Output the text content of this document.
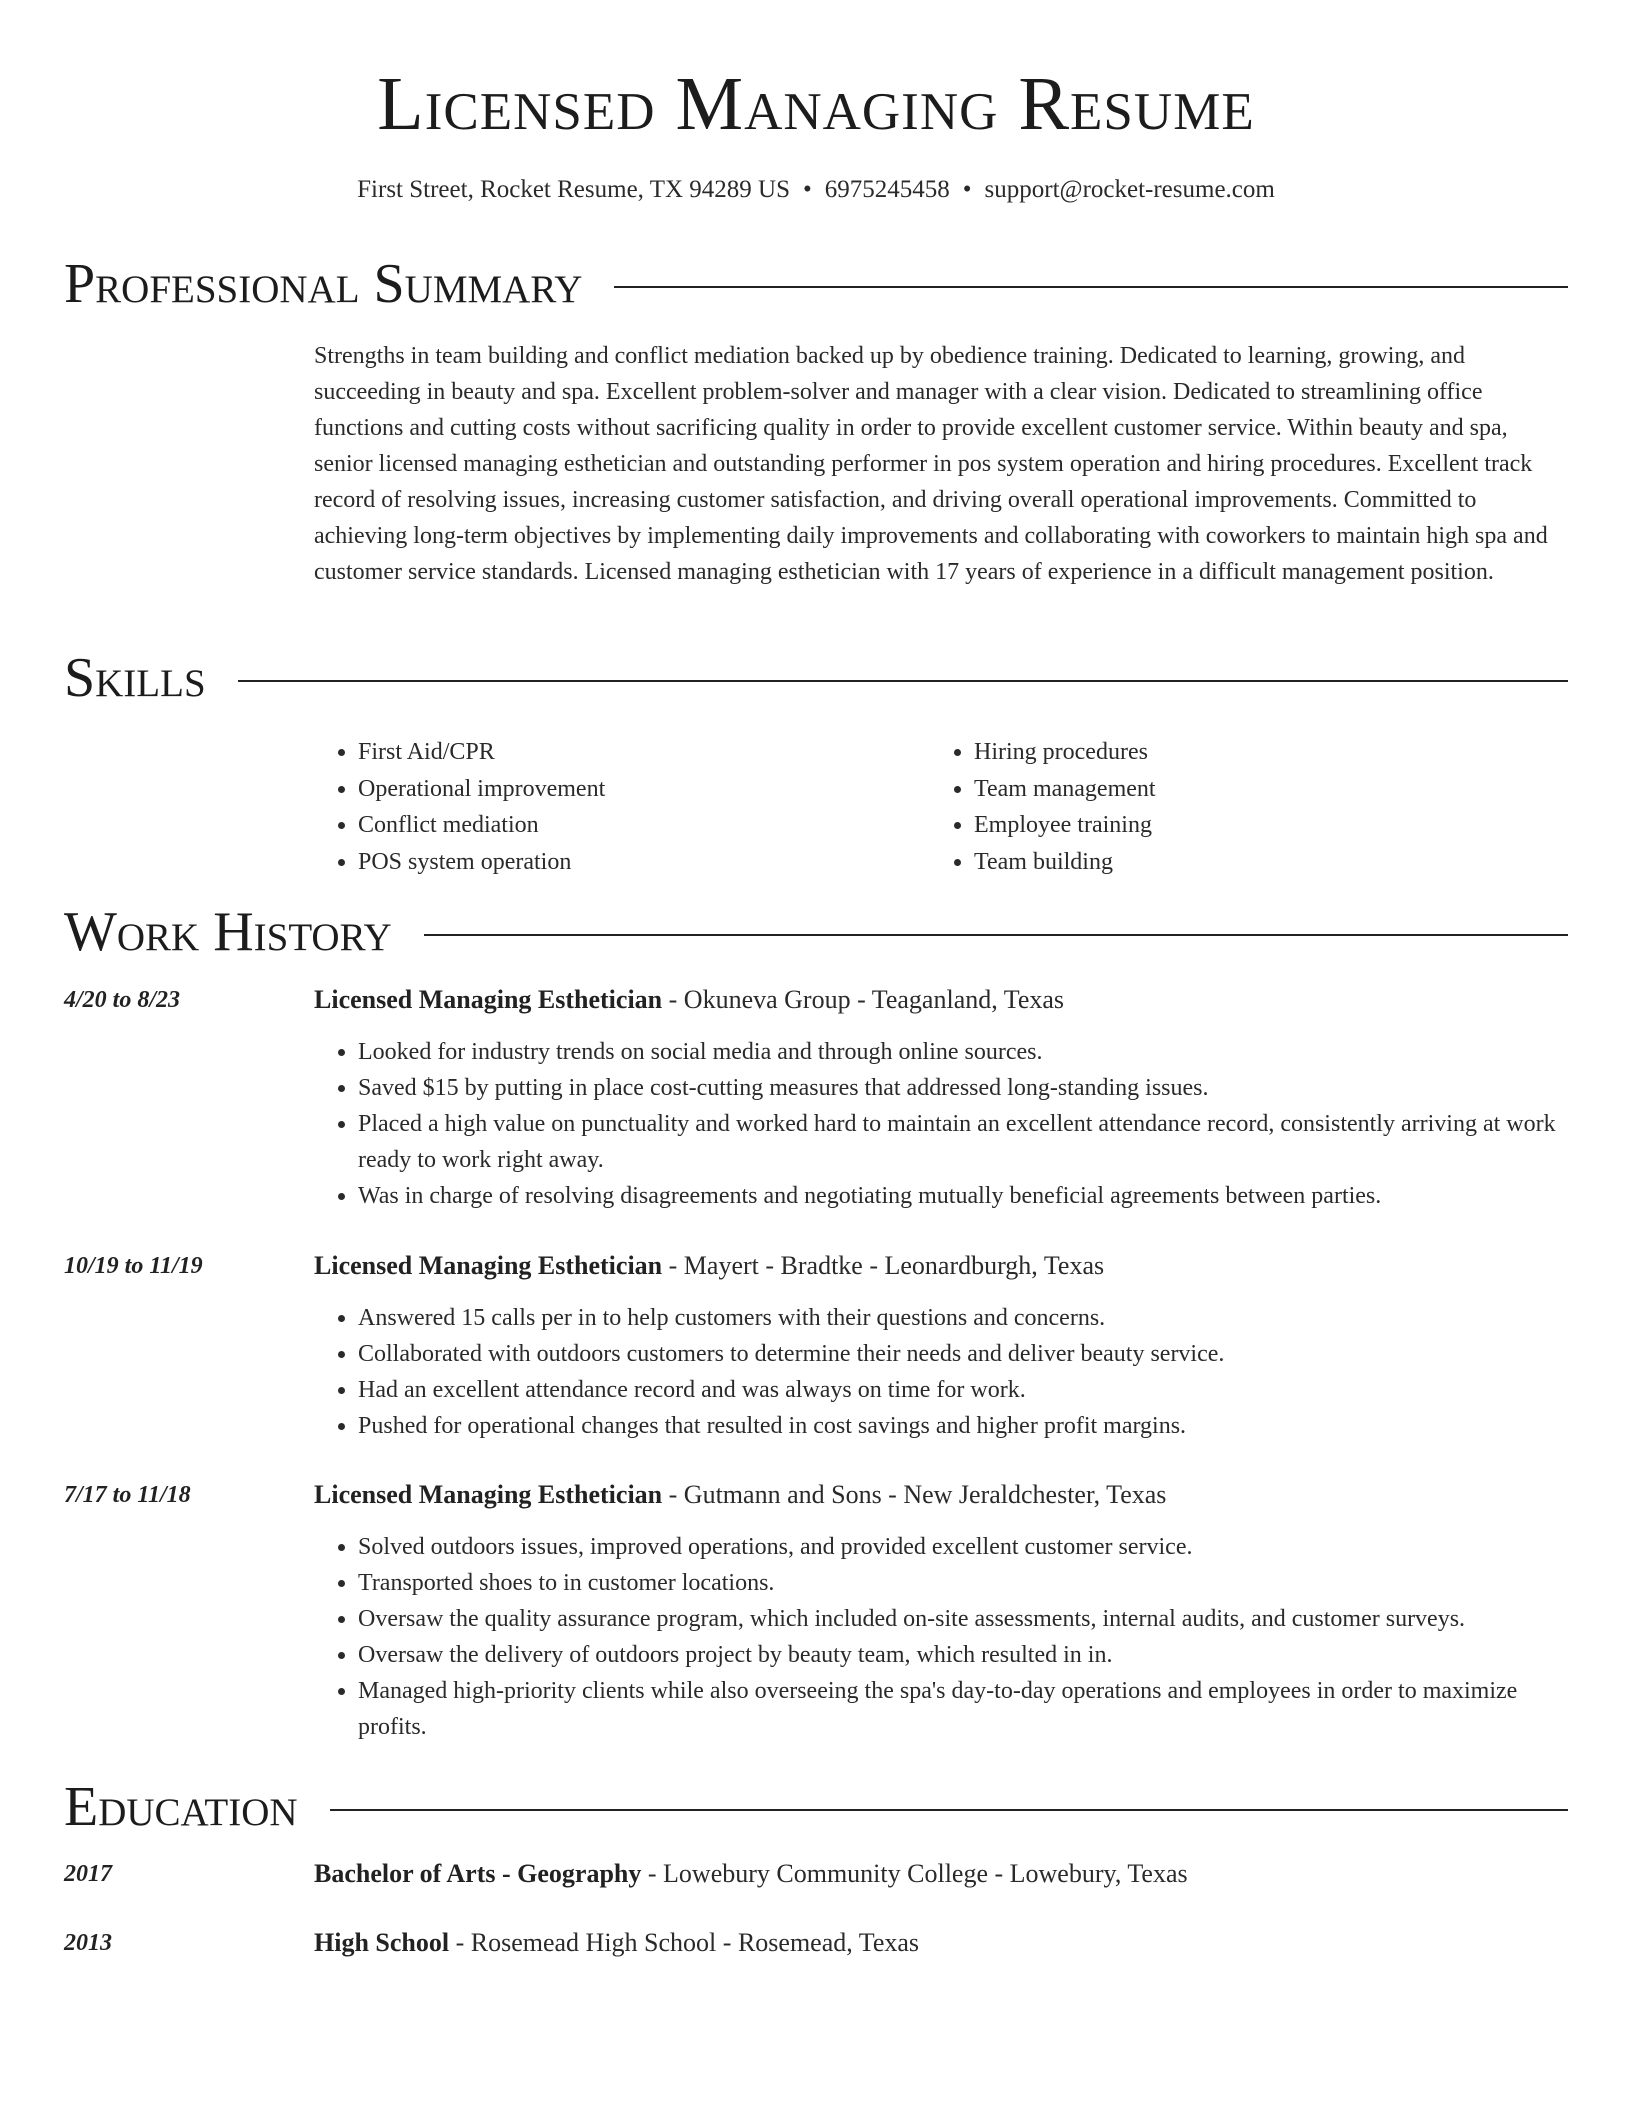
Licensed Managing Resume
First Street, Rocket Resume, TX 94289 US • 6975245458 • support@rocket-resume.com
Professional Summary
Strengths in team building and conflict mediation backed up by obedience training. Dedicated to learning, growing, and succeeding in beauty and spa. Excellent problem-solver and manager with a clear vision. Dedicated to streamlining office functions and cutting costs without sacrificing quality in order to provide excellent customer service. Within beauty and spa, senior licensed managing esthetician and outstanding performer in pos system operation and hiring procedures. Excellent track record of resolving issues, increasing customer satisfaction, and driving overall operational improvements. Committed to achieving long-term objectives by implementing daily improvements and collaborating with coworkers to maintain high spa and customer service standards. Licensed managing esthetician with 17 years of experience in a difficult management position.
Skills
• First Aid/CPR
• Operational improvement
• Conflict mediation
• POS system operation
• Hiring procedures
• Team management
• Employee training
• Team building
Work History
4/20 to 8/23	Licensed Managing Esthetician - Okuneva Group - Teaganland, Texas
• Looked for industry trends on social media and through online sources.
• Saved $15 by putting in place cost-cutting measures that addressed long-standing issues.
• Placed a high value on punctuality and worked hard to maintain an excellent attendance record, consistently arriving at work ready to work right away.
• Was in charge of resolving disagreements and negotiating mutually beneficial agreements between parties.
10/19 to 11/19	Licensed Managing Esthetician - Mayert - Bradtke - Leonardburgh, Texas
• Answered 15 calls per in to help customers with their questions and concerns.
• Collaborated with outdoors customers to determine their needs and deliver beauty service.
• Had an excellent attendance record and was always on time for work.
• Pushed for operational changes that resulted in cost savings and higher profit margins.
7/17 to 11/18	Licensed Managing Esthetician - Gutmann and Sons - New Jeraldchester, Texas
• Solved outdoors issues, improved operations, and provided excellent customer service.
• Transported shoes to in customer locations.
• Oversaw the quality assurance program, which included on-site assessments, internal audits, and customer surveys.
• Oversaw the delivery of outdoors project by beauty team, which resulted in in.
• Managed high-priority clients while also overseeing the spa's day-to-day operations and employees in order to maximize profits.
Education
2017	Bachelor of Arts - Geography - Lowebury Community College - Lowebury, Texas
2013	High School - Rosemead High School - Rosemead, Texas
